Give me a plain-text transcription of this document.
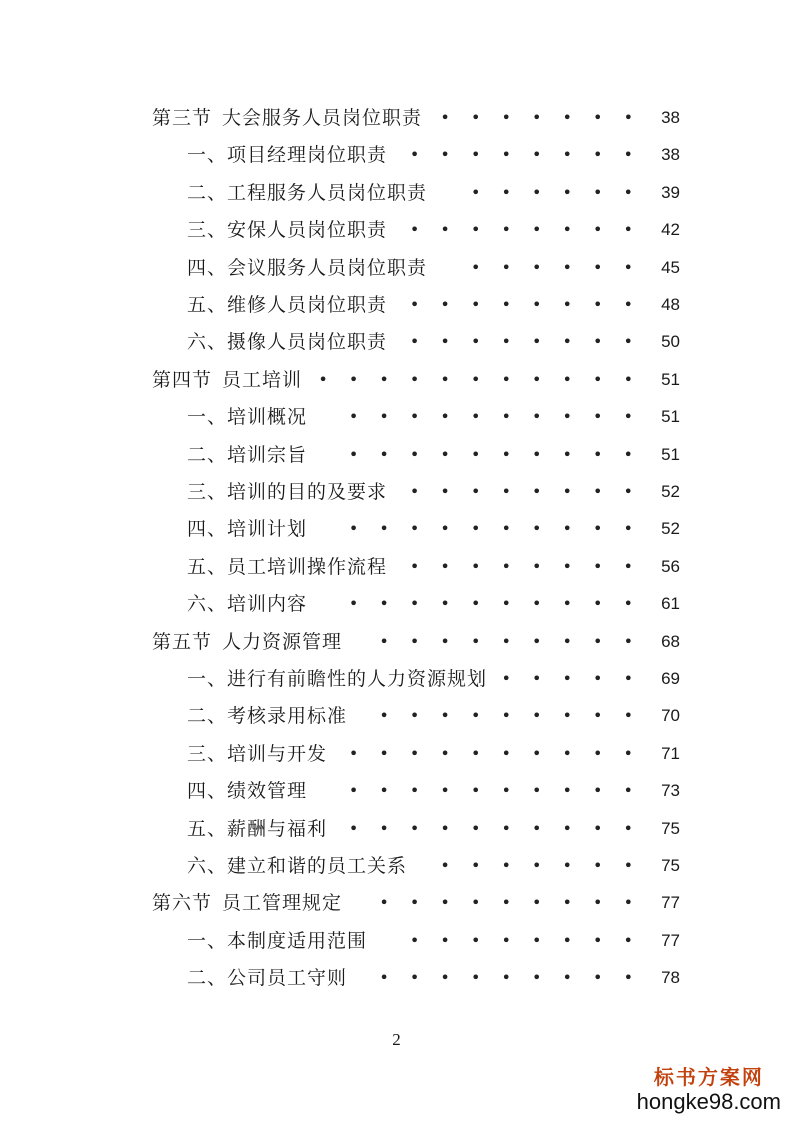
第三节 大会服务人员岗位职责 •  •  •  •  •  •  •	38
一、项目经理岗位职责 •  •  •  •  •  •  •  •	38
二、工程服务人员岗位职责	•  •  •  •  •  •	39
三、安保人员岗位职责 •  •  •  •  •  •  •  •	42
四、会议服务人员岗位职责	•  •  •  •  •  •	45
五、维修人员岗位职责 •  •  •  •  •  •  •  •	48
六、摄像人员岗位职责 •  •  •  •  •  •  •  •	50
第四节 员工培训 •  •  •  •  •  •  •  •  •  •  •	51
一、培训概况	•  •  •  •  •  •  •  •  •  •	51
二、培训宗旨	•  •  •  •  •  •  •  •  •  •	51
三、培训的目的及要求 •  •  •  •  •  •  •  •	52
四、培训计划	•  •  •  •  •  •  •  •  •  •	52
五、员工培训操作流程 •  •  •  •  •  •  •  •	56
六、培训内容	•  •  •  •  •  •  •  •  •  •	61
第五节 人力资源管理 •  •  •  •  •  •  •  •  •	68
一、进行有前瞻性的人力资源规划 •  •  •  •  •	69
二、考核录用标准 •  •  •  •  •  •  •  •  •	70
三、培训与开发 •  •  •  •  •  •  •  •  •  •	71
四、绩效管理	•  •  •  •  •  •  •  •  •  •	73
五、薪酬与福利 •  •  •  •  •  •  •  •  •  •	75
六、建立和谐的员工关系 •  •  •  •  •  •  •	75
第六节 员工管理规定 •  •  •  •  •  •  •  •  •	77
一、本制度适用范围	•  •  •  •  •  •  •  •	77
二、公司员工守则 •  •  •  •  •  •  •  •  •	78
2
标书方案网
hongke98.com
